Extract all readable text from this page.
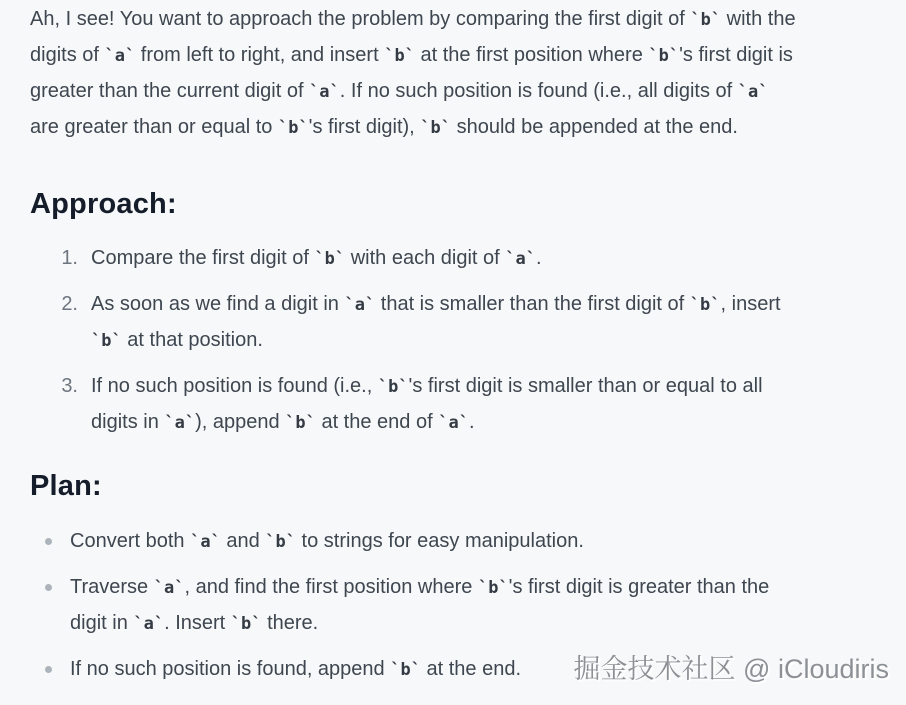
Ah, I see! You want to approach the problem by comparing the first digit of `b` with the digits of `a` from left to right, and insert `b` at the first position where `b`'s first digit is greater than the current digit of `a`. If no such position is found (i.e., all digits of `a` are greater than or equal to `b`'s first digit), `b` should be appended at the end.

Approach:
1. Compare the first digit of `b` with each digit of `a`.
2. As soon as we find a digit in `a` that is smaller than the first digit of `b`, insert `b` at that position.
3. If no such position is found (i.e., `b`'s first digit is smaller than or equal to all digits in `a`), append `b` at the end of `a`.
Plan:
Convert both `a` and `b` to strings for easy manipulation.
Traverse `a`, and find the first position where `b`'s first digit is greater than the digit in `a`. Insert `b` there.
If no such position is found, append `b` at the end.	掘金技术社区 @ iCloudiris
